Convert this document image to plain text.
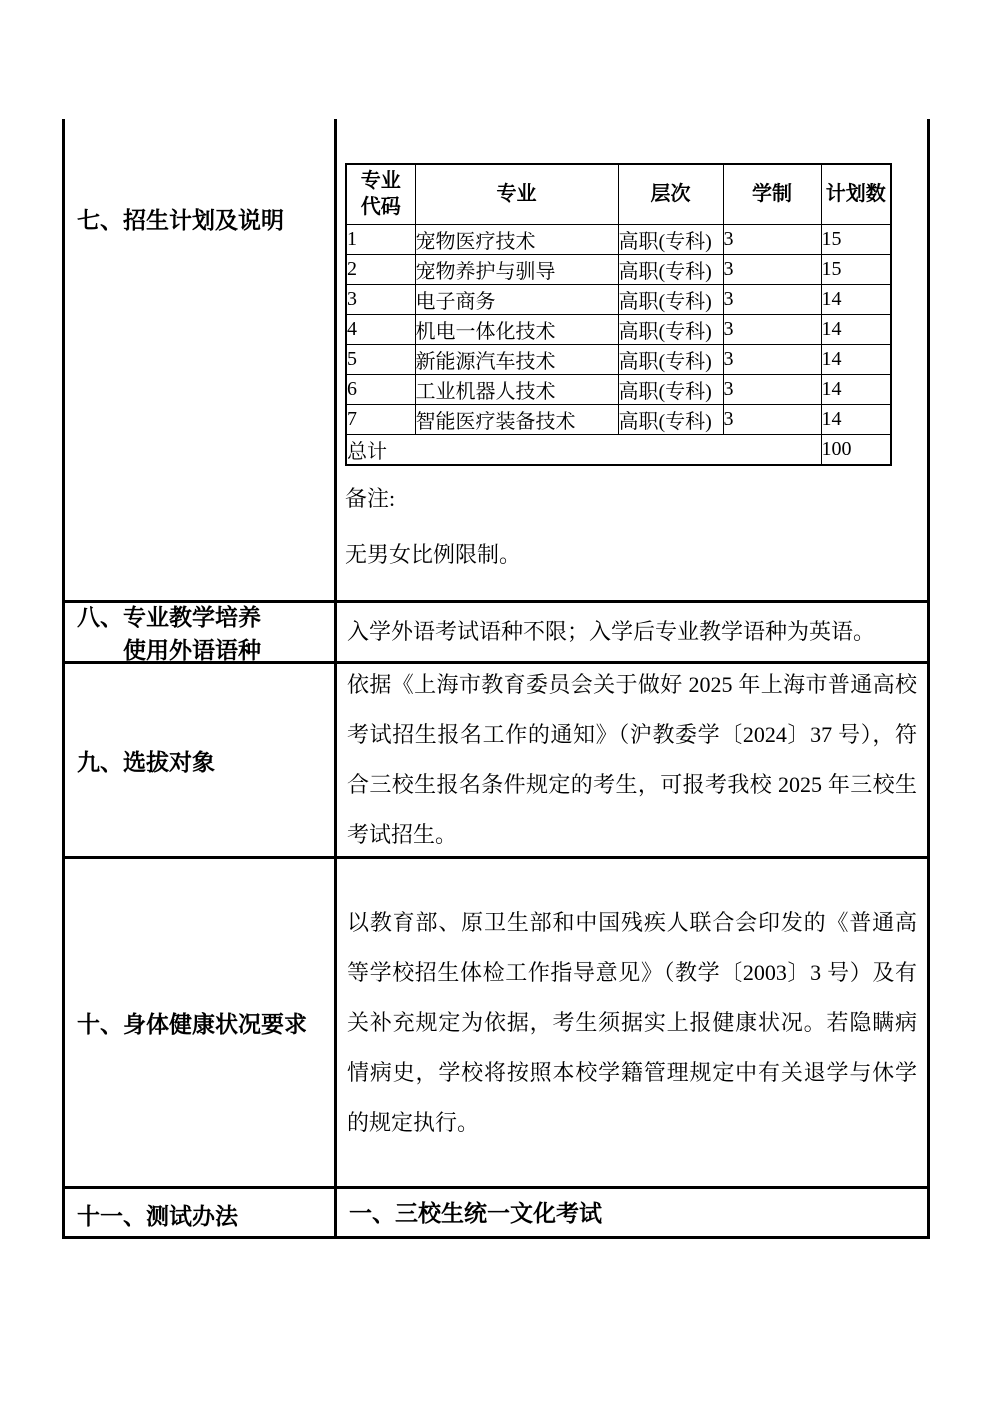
七、招生计划及说明
专业
代码	专业	层次	学制	计划数
1	宠物医疗技术	高职(专科)	3	15
2	宠物养护与驯导	高职(专科)	3	15
3	电子商务	高职(专科)	3	14
4	机电一体化技术	高职(专科)	3	14
5	新能源汽车技术	高职(专科)	3	14
6	工业机器人技术	高职(专科)	3	14
7	智能医疗装备技术	高职(专科)	3	14
总计				100

备注:

无男女比例限制。

八、专业教学培养
使用外语语种

入学外语考试语种不限；入学后专业教学语种为英语。

九、选拔对象

依据《上海市教育委员会关于做好 2025 年上海市普通高校考试招生报名工作的通知》（沪教委学〔2024〕37 号），符合三校生报名条件规定的考生，可报考我校 2025 年三校生考试招生。

十、身体健康状况要求

以教育部、原卫生部和中国残疾人联合会印发的《普通高等学校招生体检工作指导意见》（教学〔2003〕3 号）及有关补充规定为依据，考生须据实上报健康状况。若隐瞒病情病史，学校将按照本校学籍管理规定中有关退学与休学的规定执行。

十一、测试办法	一、三校生统一文化考试
